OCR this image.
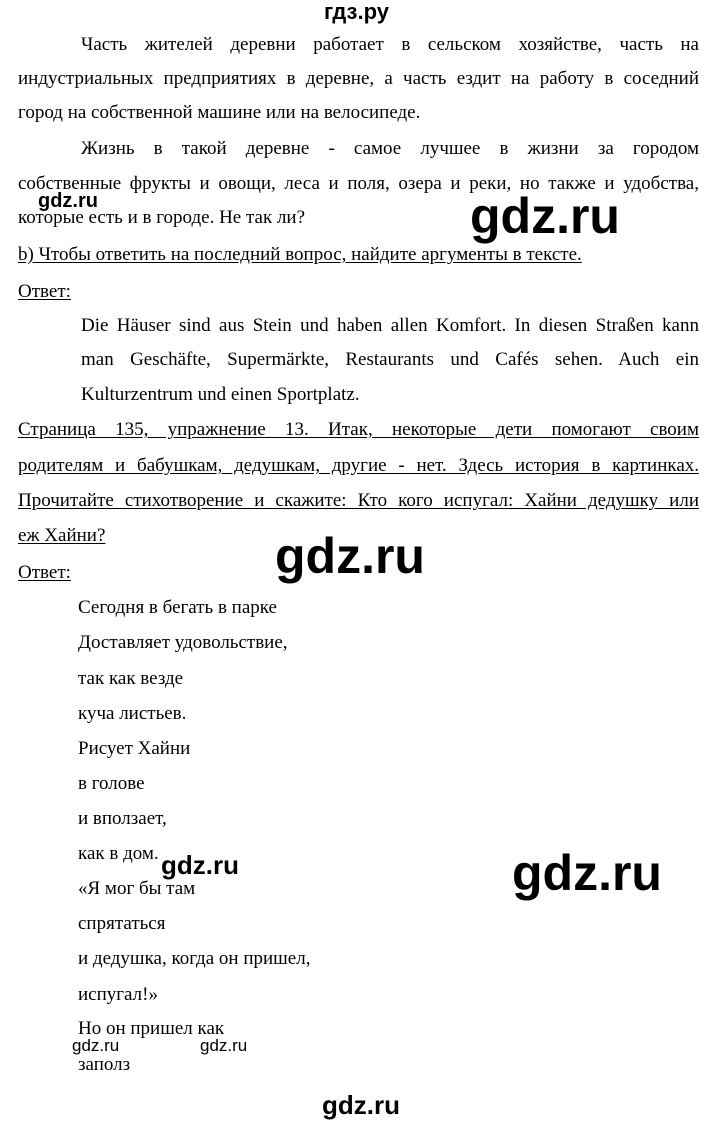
гдз.ру
Часть жителей деревни работает в сельском хозяйстве, часть на
индустриальных предприятиях в деревне, а часть ездит на работу в соседний
город на собственной машине или на велосипеде.
Жизнь в такой деревне - самое лучшее в жизни за городом
собственные фрукты и овощи, леса и поля, озера и реки, но также и удобства,
которые есть и в городе. Не так ли?
b) Чтобы ответить на последний вопрос, найдите аргументы в тексте.
Ответ:
Die Häuser sind aus Stein und haben allen Komfort. In diesen Straßen kann
man Geschäfte, Supermärkte, Restaurants und Cafés sehen. Auch ein
Kulturzentrum und einen Sportplatz.
Страница 135, упражнение 13. Итак, некоторые дети помогают своим
родителям и бабушкам, дедушкам, другие - нет. Здесь история в картинках.
Прочитайте стихотворение и скажите: Кто кого испугал: Хайни дедушку или
еж Хайни?
Ответ:
Сегодня в бегать в парке
Доставляет удовольствие,
так как везде
куча листьев.
Рисует Хайни
в голове
и вползает,
как в дом.
«Я мог бы там
спрятаться
и дедушка, когда он пришел,
испугал!»
Но он пришел как
заполз
gdz.ru	gdz.ru
gdz.ru
gdz.ru	gdz.ru
gdz.ru	gdz.ru
gdz.ru
